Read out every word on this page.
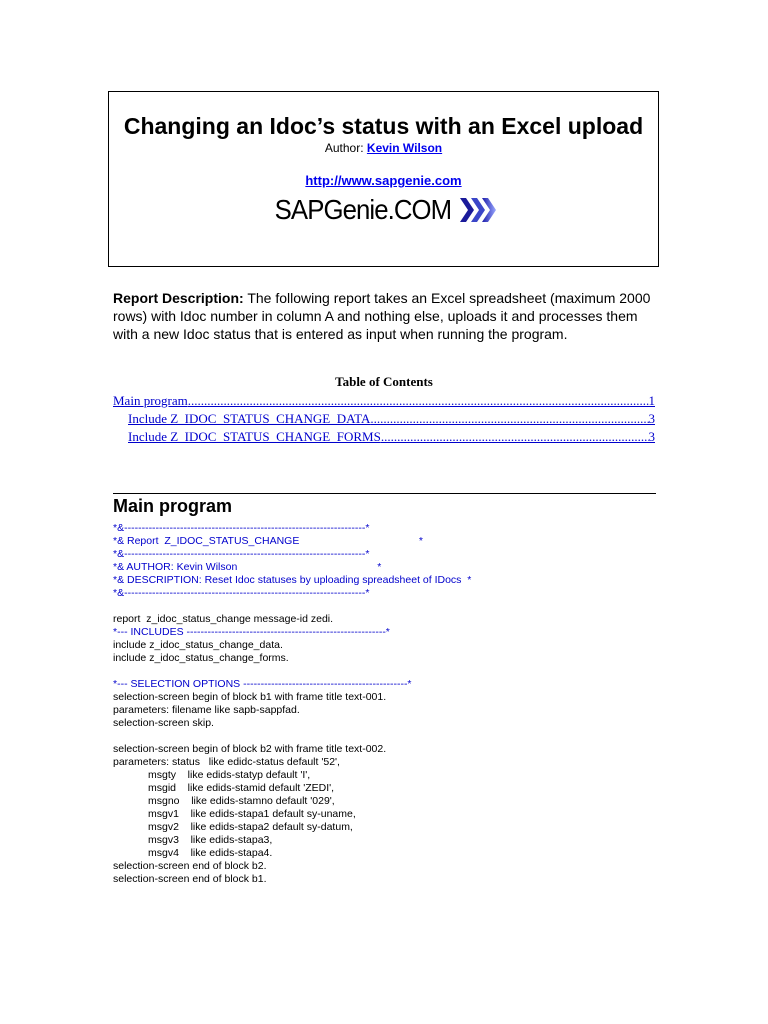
Changing an Idoc’s status with an Excel upload
Author: Kevin Wilson
http://www.sapgenie.com
SAPGenie.COM
Report Description: The following report takes an Excel spreadsheet (maximum 2000 rows) with Idoc number in column A and nothing else, uploads it and processes them with a new Idoc status that is entered as input when running the program.
Table of Contents
Main program .....	1
Include Z_IDOC_STATUS_CHANGE_DATA .....	3
Include Z_IDOC_STATUS_CHANGE_FORMS .....	3
Main program
*&---------------------------------------------------------------------*
*& Report  Z_IDOC_STATUS_CHANGE                                         *
*&---------------------------------------------------------------------*
*& AUTHOR: Kevin Wilson                                                *
*& DESCRIPTION: Reset Idoc statuses by uploading spreadsheet of IDocs  *
*&---------------------------------------------------------------------*
report  z_idoc_status_change message-id zedi.
*--- INCLUDES ---------------------------------------------------------*
include z_idoc_status_change_data.
include z_idoc_status_change_forms.
*--- SELECTION OPTIONS -----------------------------------------------*
selection-screen begin of block b1 with frame title text-001.
parameters: filename like sapb-sappfad.
selection-screen skip.
selection-screen begin of block b2 with frame title text-002.
parameters: status   like edidc-status default '52',
msgty    like edids-statyp default 'I',
msgid    like edids-stamid default 'ZEDI',
msgno    like edids-stamno default '029',
msgv1    like edids-stapa1 default sy-uname,
msgv2    like edids-stapa2 default sy-datum,
msgv3    like edids-stapa3,
msgv4    like edids-stapa4.
selection-screen end of block b2.
selection-screen end of block b1.
